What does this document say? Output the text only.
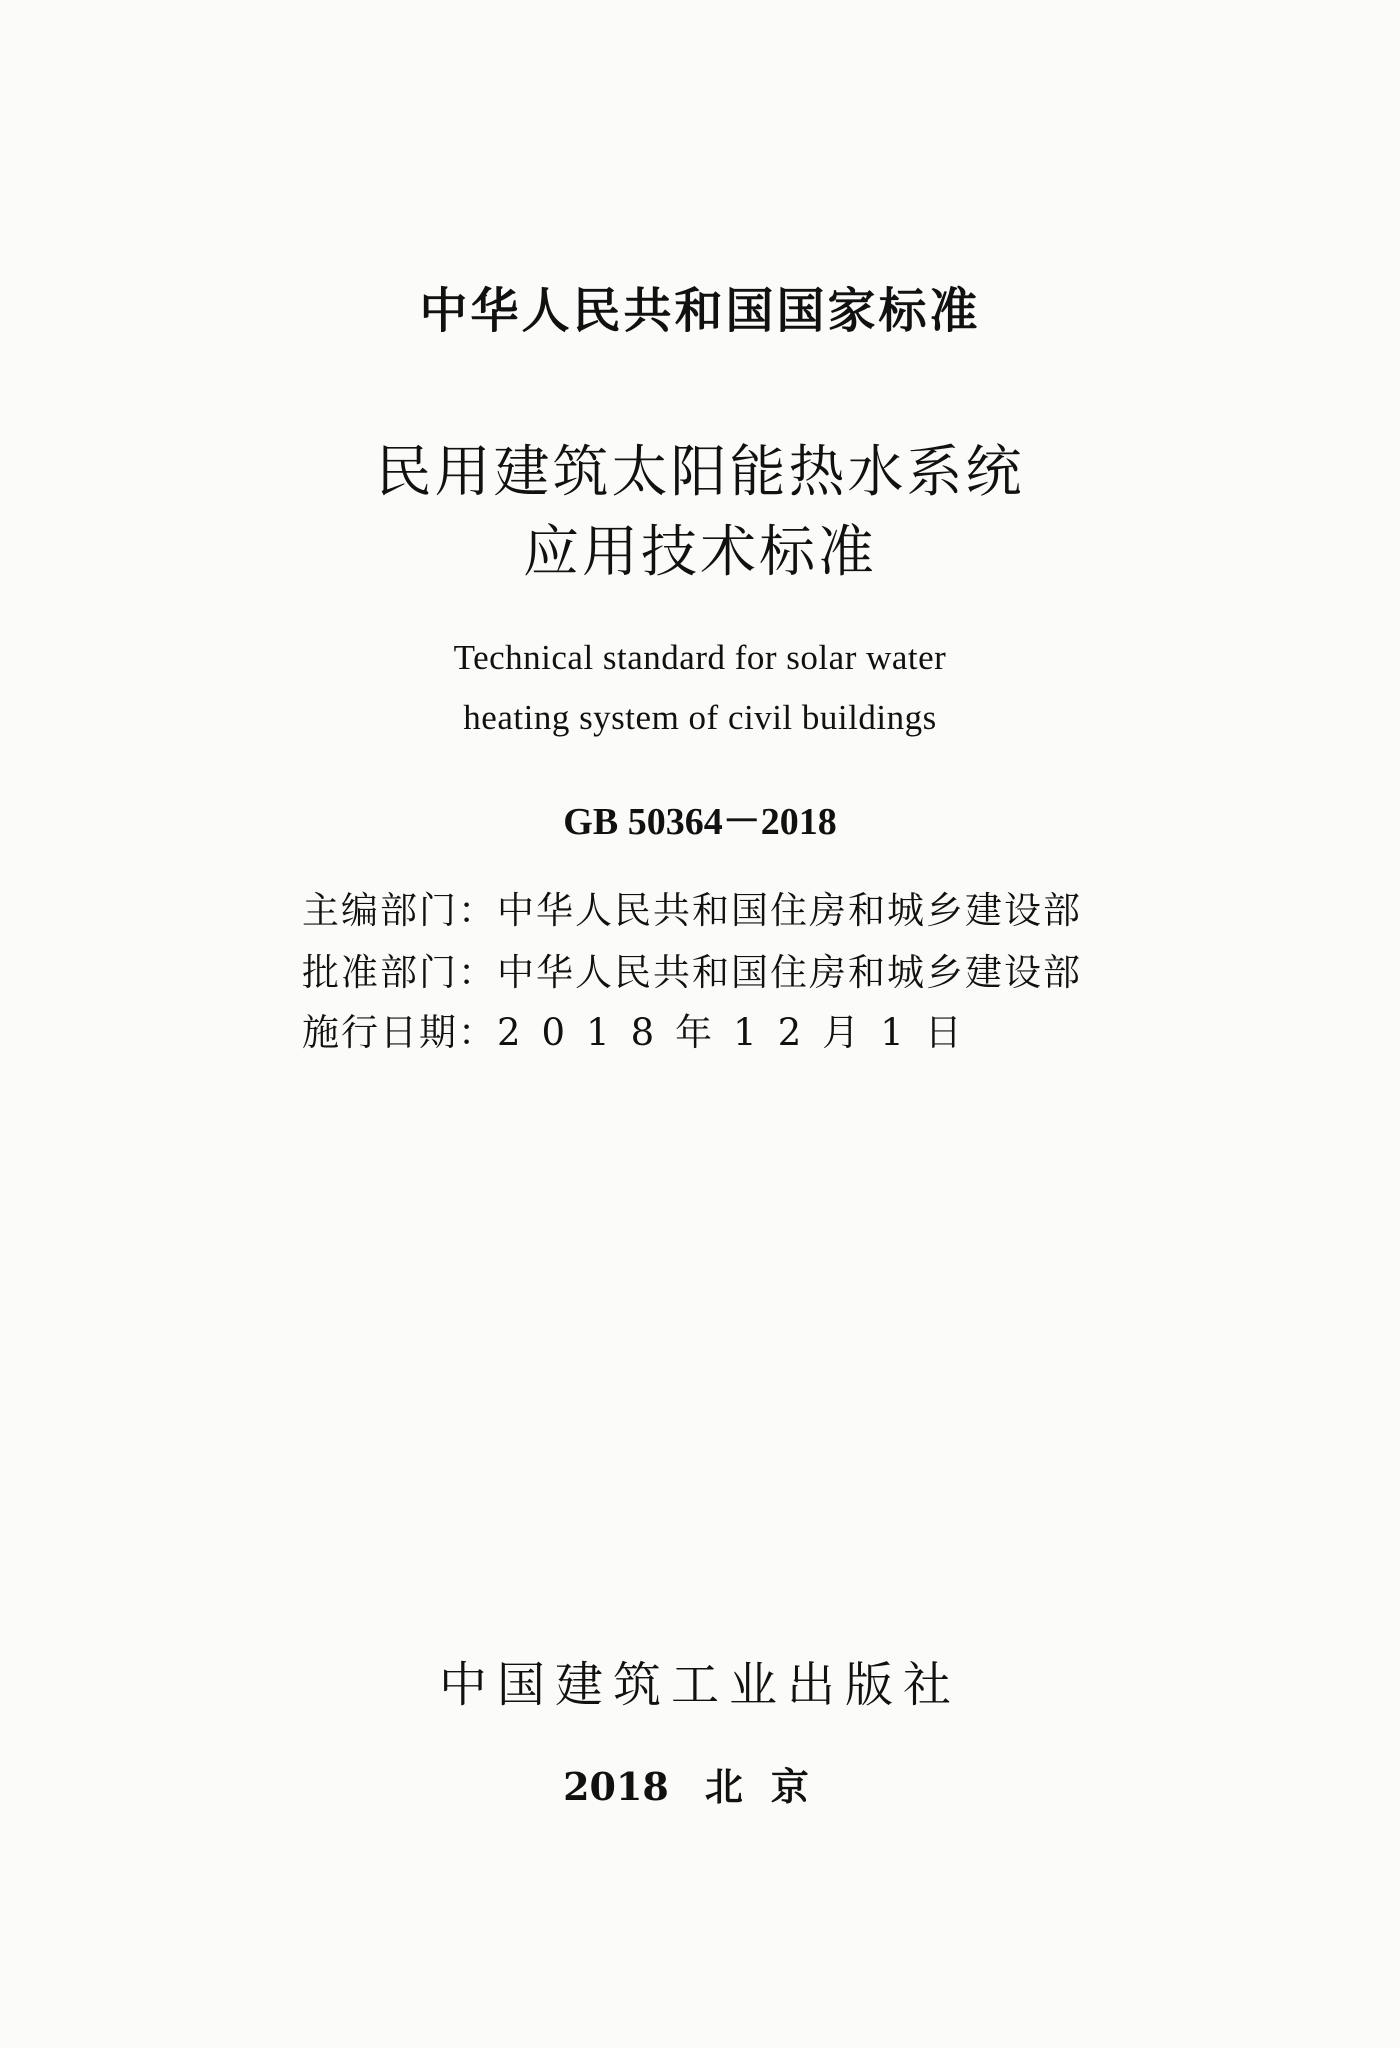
中华人民共和国国家标准
民用建筑太阳能热水系统
应用技术标准
Technical standard for solar water
heating system of civil buildings
GB 50364－2018
主编部门：中华人民共和国住房和城乡建设部
批准部门：中华人民共和国住房和城乡建设部
施行日期：2018年12月1日
中国建筑工业出版社
2018 北京
